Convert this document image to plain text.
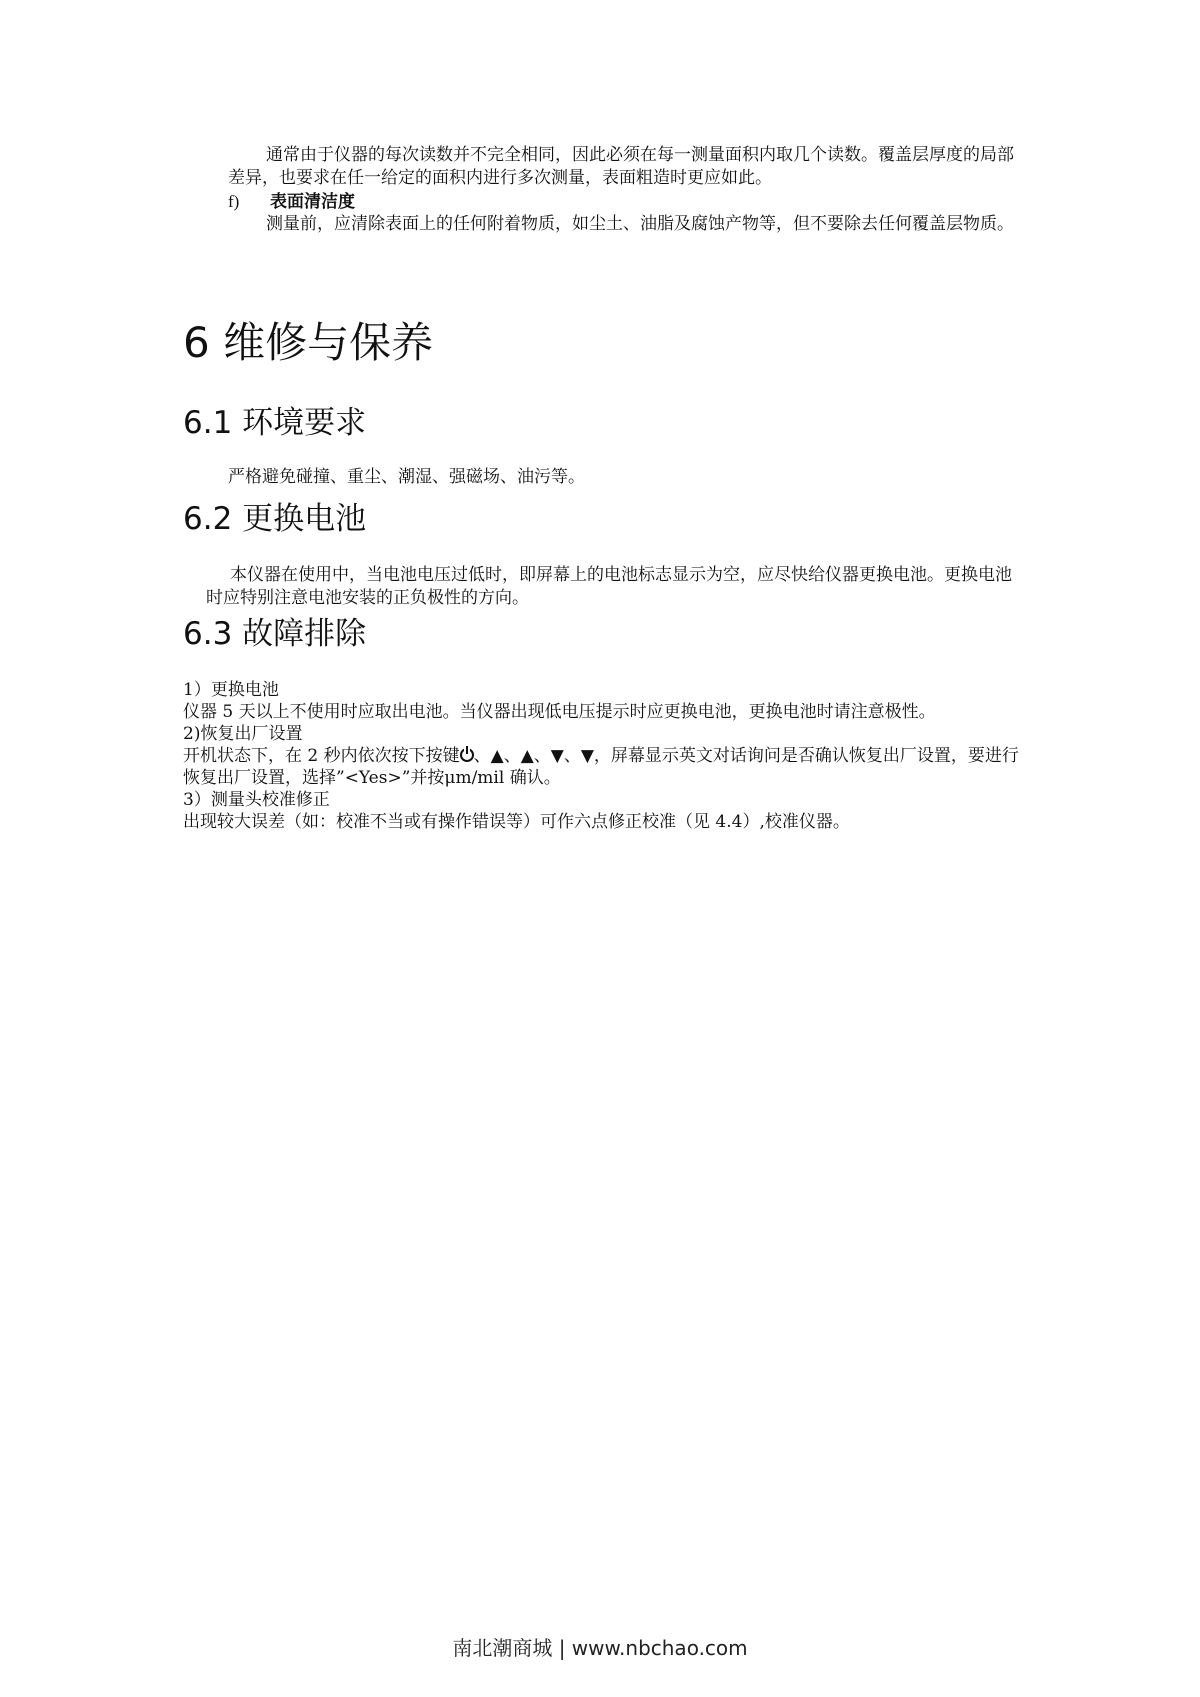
通常由于仪器的每次读数并不完全相同，因此必须在每一测量面积内取几个读数。覆盖层厚度的局部差异，也要求在任一给定的面积内进行多次测量，表面粗造时更应如此。

f) 表面清洁度

测量前，应清除表面上的任何附着物质，如尘土、油脂及腐蚀产物等，但不要除去任何覆盖层物质。

6 维修与保养
6.1 环境要求

严格避免碰撞、重尘、潮湿、强磁场、油污等。

6.2 更换电池

本仪器在使用中，当电池电压过低时，即屏幕上的电池标志显示为空，应尽快给仪器更换电池。更换电池时应特别注意电池安装的正负极性的方向。

6.3 故障排除
1）更换电池
仪器 5 天以上不使用时应取出电池。当仪器出现低电压提示时应更换电池，更换电池时请注意极性。
2)恢复出厂设置
开机状态下，在 2 秒内依次按下按键 、▲、▲、▼、▼，屏幕显示英文对话询问是否确认恢复出厂设置，要进行恢复出厂设置，选择”<Yes>”并按μm/mil 确认。
3）测量头校准修正
出现较大误差（如：校准不当或有操作错误等）可作六点修正校准（见 4.4）,校准仪器。
南北潮商城 | www.nbchao.com
